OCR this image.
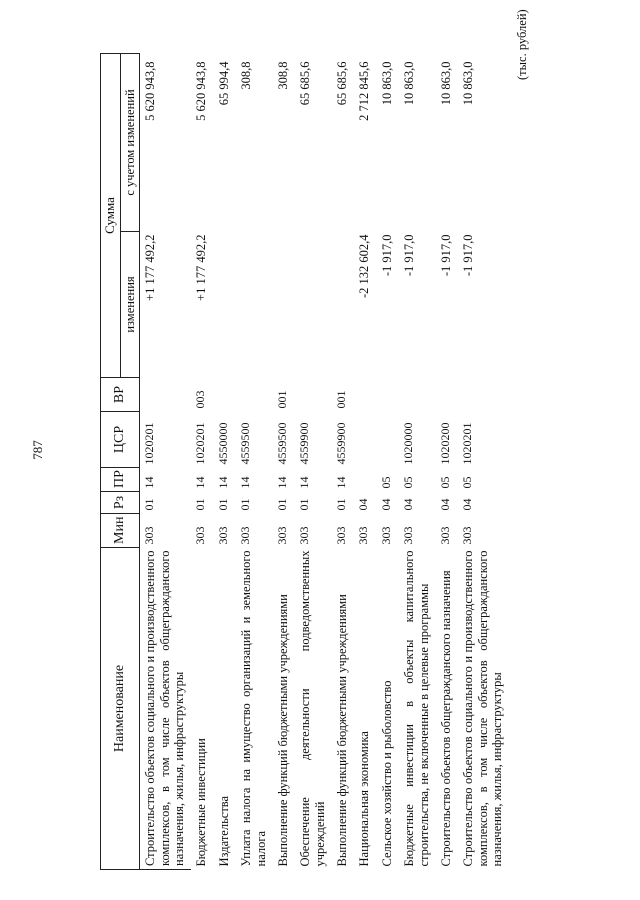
787
(тыс. рублей)
Наименование	Мин	Рз	ПР	ЦСР	ВР	Сумма	
						изменения	с учетом изменений
Строительство объектов социального и производственного комплексов, в том числе объектов общегражданского назначения, жилья, инфраструктуры	303	01	14	1020201		+1 177 492,2	5 620 943,8
Бюджетные инвестиции	303	01	14	1020201	003	+1 177 492,2	5 620 943,8
Издательства	303	01	14	4550000			65 994,4
Уплата налога на имущество организаций и земельного налога	303	01	14	4559500			308,8
Выполнение функций бюджетными учреждениями	303	01	14	4559500	001		308,8
Обеспечение деятельности подведомственных учреждений	303	01	14	4559900			65 685,6
Выполнение функций бюджетными учреждениями	303	01	14	4559900	001		65 685,6
Национальная экономика	303	04				-2 132 602,4	2 712 845,6
Сельское хозяйство и рыболовство	303	04	05			-1 917,0	10 863,0
Бюджетные инвестиции в объекты капитального строительства, не включенные в целевые программы	303	04	05	1020000		-1 917,0	10 863,0
Строительство объектов общегражданского назначения	303	04	05	1020200		-1 917,0	10 863,0
Строительство объектов социального и производственного комплексов, в том числе объектов общегражданского назначения, жилья, инфраструктуры	303	04	05	1020201		-1 917,0	10 863,0
